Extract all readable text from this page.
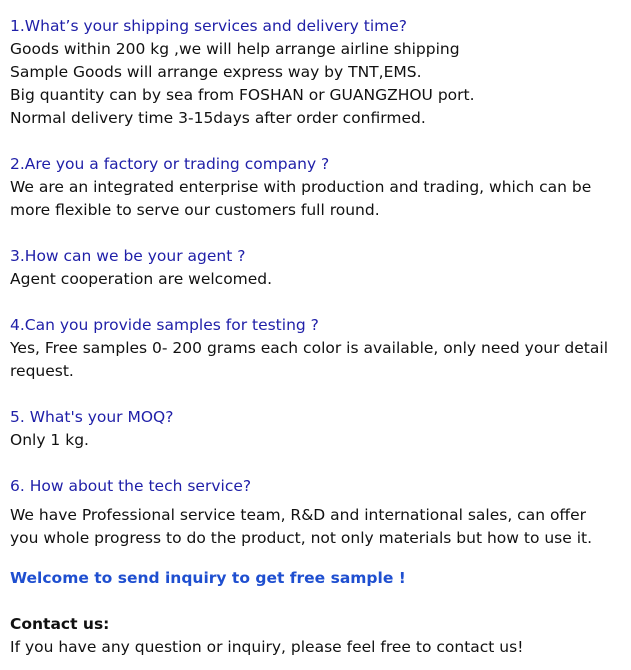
1.What’s your shipping services and delivery time?
Goods within 200 kg ,we will help arrange airline shipping
Sample Goods will arrange express way by TNT,EMS.
Big quantity can by sea from FOSHAN or GUANGZHOU port.
Normal delivery time 3-15days after order confirmed.
2.Are you a factory or trading company ?
We are an integrated enterprise with production and trading, which can be
more flexible to serve our customers full round.
3.How can we be your agent ?
Agent cooperation are welcomed.
4.Can you provide samples for testing ?
Yes, Free samples 0- 200 grams each color is available, only need your detail
request.
5. What's your MOQ?
Only 1 kg.
6. How about the tech service?
We have Professional service team, R&D and international sales, can offer
you whole progress to do the product, not only materials but how to use it.
Welcome to send inquiry to get free sample !
Contact us:
If you have any question or inquiry, please feel free to contact us!
